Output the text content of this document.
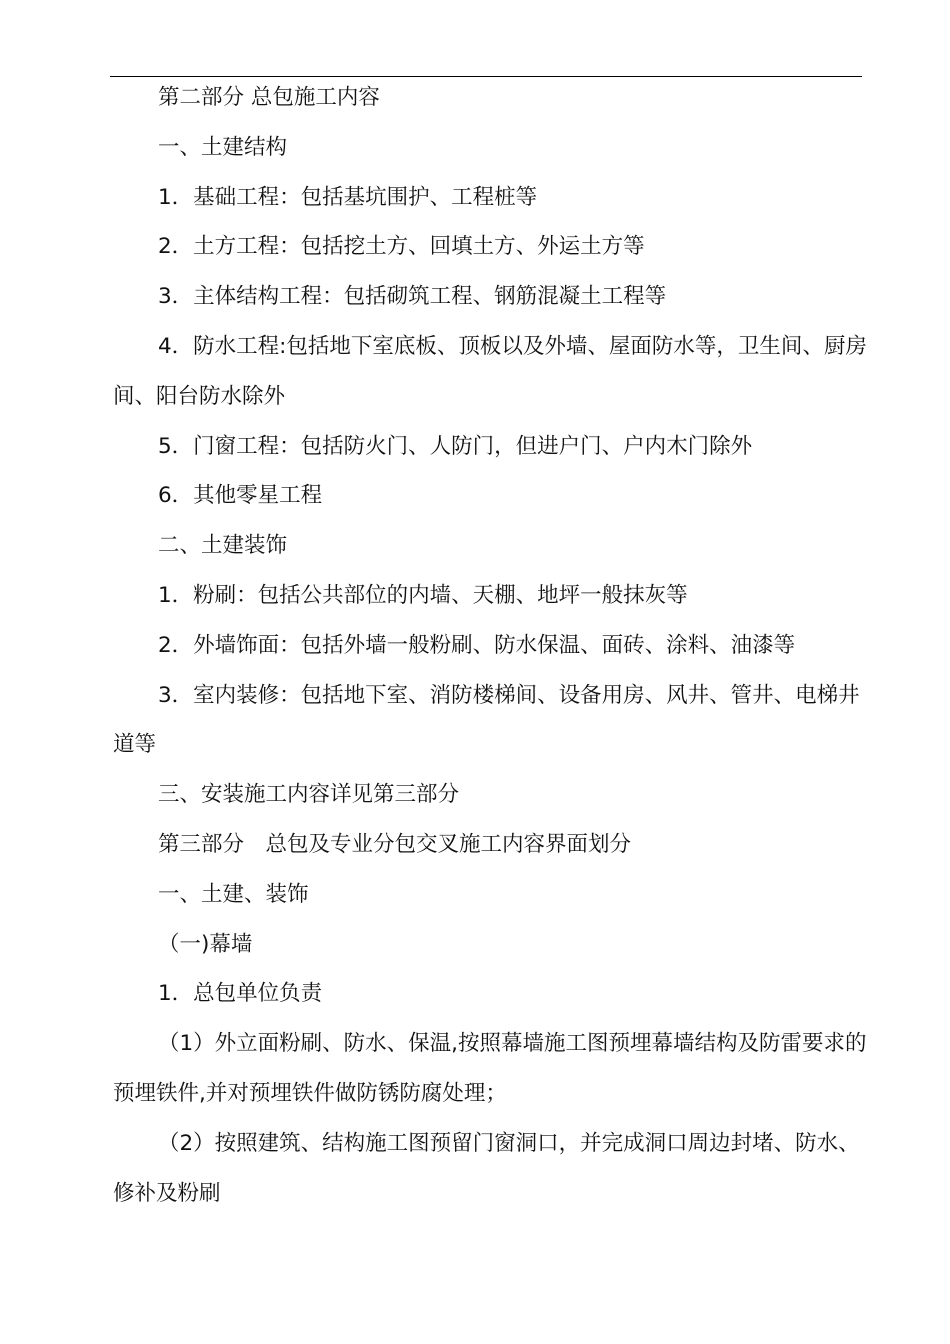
第二部分 总包施工内容

一、土建结构

1．基础工程：包括基坑围护、工程桩等

2．土方工程：包括挖土方、回填土方、外运土方等

3．主体结构工程：包括砌筑工程、钢筋混凝土工程等

4．防水工程:包括地下室底板、顶板以及外墙、屋面防水等，卫生间、厨房间、阳台防水除外

5．门窗工程：包括防火门、人防门，但进户门、户内木门除外

6．其他零星工程

二、土建装饰

1．粉刷：包括公共部位的内墙、天棚、地坪一般抹灰等

2．外墙饰面：包括外墙一般粉刷、防水保温、面砖、涂料、油漆等

3．室内装修：包括地下室、消防楼梯间、设备用房、风井、管井、电梯井道等

三、安装施工内容详见第三部分

第三部分　总包及专业分包交叉施工内容界面划分

一、土建、装饰

（一)幕墙

1．总包单位负责

（1）外立面粉刷、防水、保温,按照幕墙施工图预埋幕墙结构及防雷要求的预埋铁件,并对预埋铁件做防锈防腐处理；

（2）按照建筑、结构施工图预留门窗洞口，并完成洞口周边封堵、防水、修补及粉刷
